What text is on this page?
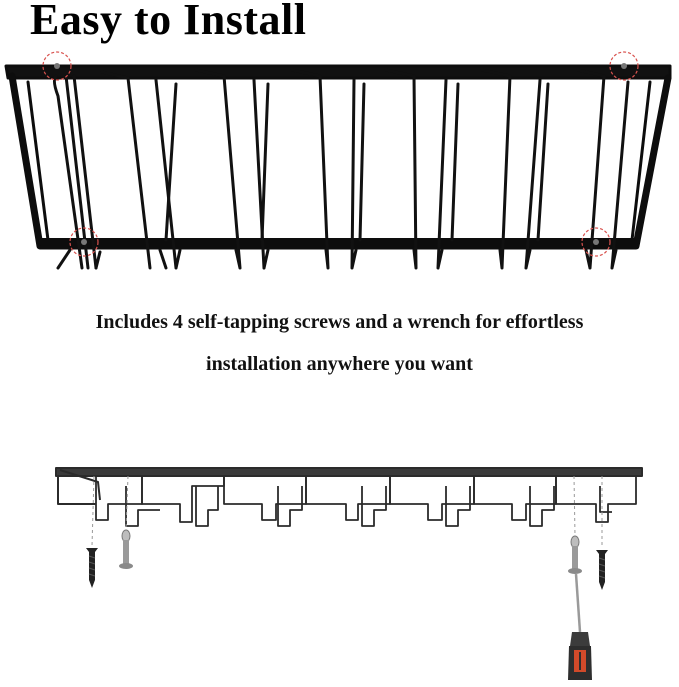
Easy to Install
Includes 4 self-tapping screws and a wrench for effortless
installation anywhere you want
